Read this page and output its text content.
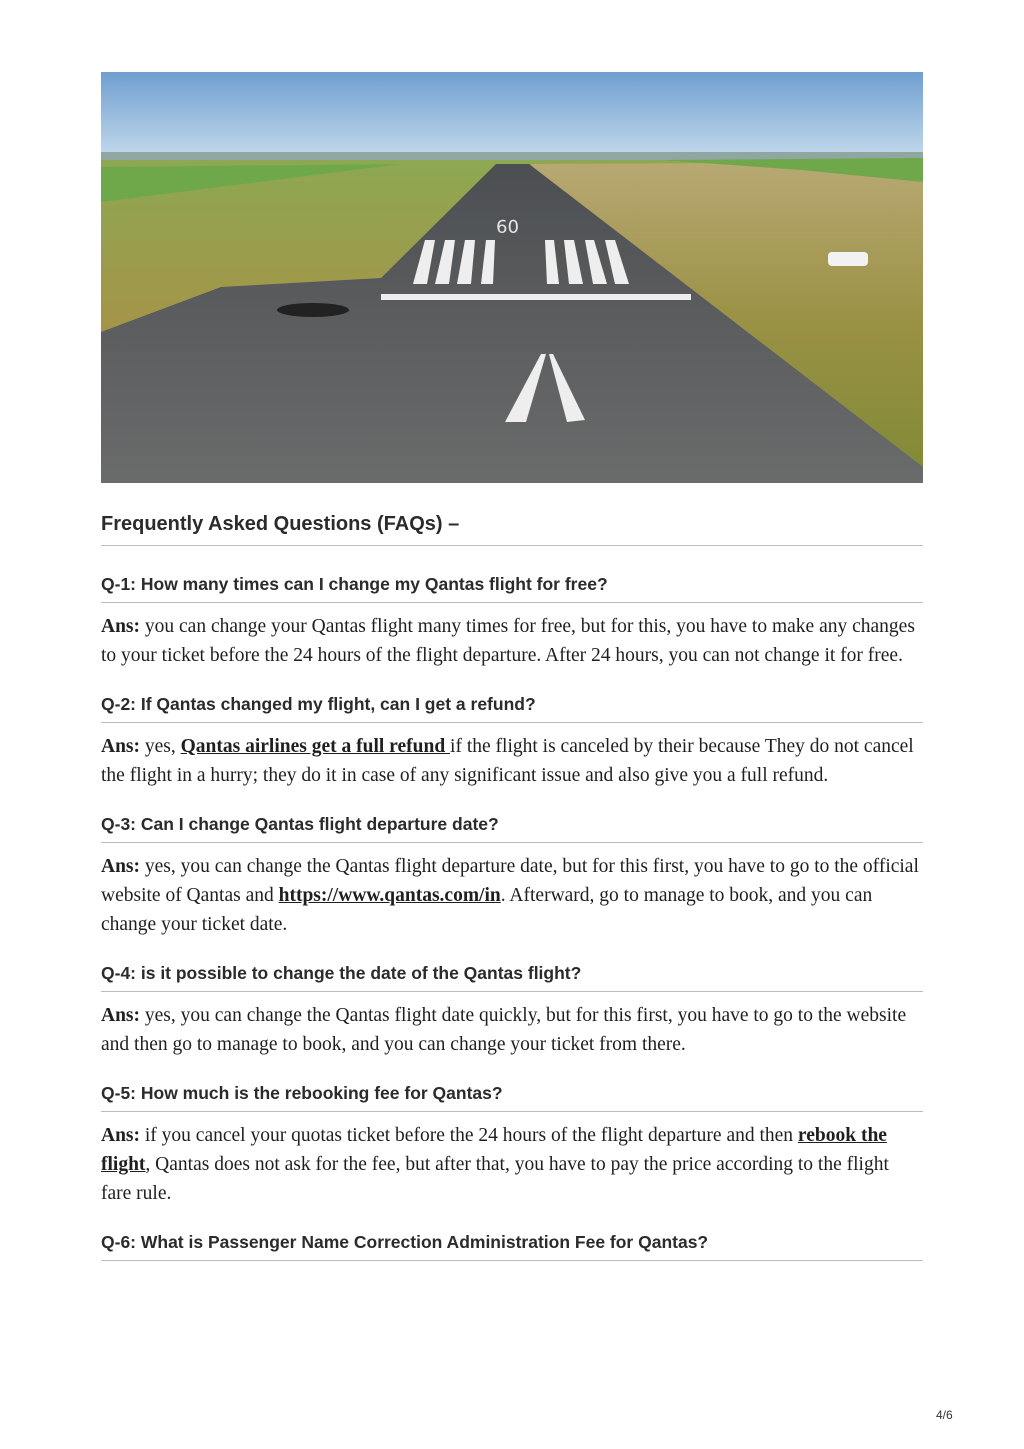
09
Frequently Asked Questions (FAQs) –
Q-1: How many times can I change my Qantas flight for free?

Ans: you can change your Qantas flight many times for free, but for this, you have to make any changes to your ticket before the 24 hours of the flight departure. After 24 hours, you can not change it for free.

Q-2: If Qantas changed my flight, can I get a refund?

Ans: yes, Qantas airlines get a full refund if the flight is canceled by their because They do not cancel the flight in a hurry; they do it in case of any significant issue and also give you a full refund.

Q-3: Can I change Qantas flight departure date?

Ans: yes, you can change the Qantas flight departure date, but for this first, you have to go to the official website of Qantas and https://www.qantas.com/in. Afterward, go to manage to book, and you can change your ticket date.

Q-4: is it possible to change the date of the Qantas flight?

Ans: yes, you can change the Qantas flight date quickly, but for this first, you have to go to the website and then go to manage to book, and you can change your ticket from there.

Q-5: How much is the rebooking fee for Qantas?

Ans: if you cancel your quotas ticket before the 24 hours of the flight departure and then rebook the flight, Qantas does not ask for the fee, but after that, you have to pay the price according to the flight fare rule.

Q-6: What is Passenger Name Correction Administration Fee for Qantas?
4/6
